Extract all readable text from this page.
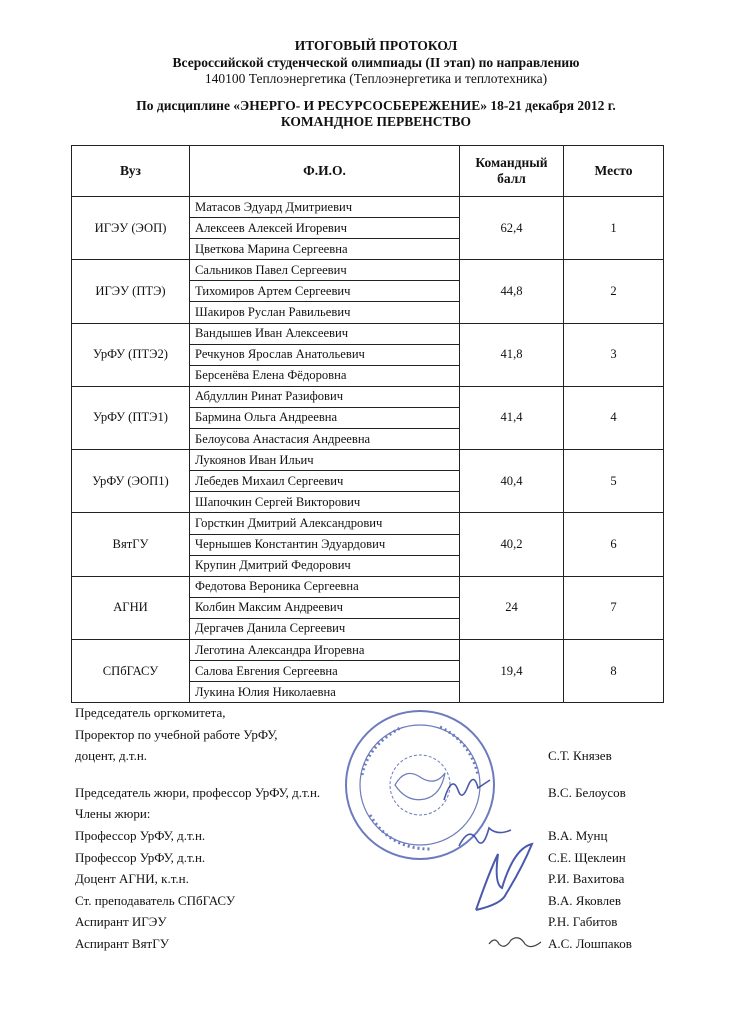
ИТОГОВЫЙ ПРОТОКОЛ
Всероссийской студенческой олимпиады (II этап) по направлению
140100 Теплоэнергетика (Теплоэнергетика и теплотехника)
По дисциплине «ЭНЕРГО- И РЕСУРСОСБЕРЕЖЕНИЕ» 18-21 декабря 2012 г.
КОМАНДНОЕ ПЕРВЕНСТВО
Вуз	Ф.И.О.	Командный балл	Место
ИГЭУ (ЭОП)	Матасов Эдуард Дмитриевич	62,4	1
	Алексеев Алексей Игоревич		
	Цветкова Марина Сергеевна		
ИГЭУ (ПТЭ)	Сальников Павел Сергеевич	44,8	2
	Тихомиров Артем Сергеевич		
	Шакиров Руслан Равильевич		
УрФУ (ПТЭ2)	Вандышев Иван Алексеевич	41,8	3
	Речкунов Ярослав Анатольевич		
	Берсенёва Елена Фёдоровна		
УрФУ (ПТЭ1)	Абдуллин Ринат Разифович	41,4	4
	Бармина Ольга Андреевна		
	Белоусова Анастасия Андреевна		
УрФУ (ЭОП1)	Лукоянов Иван Ильич	40,4	5
	Лебедев Михаил Сергеевич		
	Шапочкин Сергей Викторович		
ВятГУ	Горсткин Дмитрий Александрович	40,2	6
	Чернышев Константин Эдуардович		
	Крупин Дмитрий Федорович		
АГНИ	Федотова Вероника Сергеевна	24	7
	Колбин Максим Андреевич		
	Дергачев Данила Сергеевич		
СПбГАСУ	Леготина Александра Игоревна	19,4	8
	Салова Евгения Сергеевна		
	Лукина Юлия Николаевна		
Председатель оргкомитета,
Проректор по учебной работе УрФУ,
доцент, д.т.н.	С.Т. Князев
Председатель жюри, профессор УрФУ, д.т.н.	В.С. Белоусов
Члены жюри:
Профессор УрФУ, д.т.н.	В.А. Мунц
Профессор УрФУ, д.т.н.	С.Е. Щеклеин
Доцент АГНИ, к.т.н.	Р.И. Вахитова
Ст. преподаватель СПбГАСУ	В.А. Яковлев
Аспирант ИГЭУ	Р.Н. Габитов
Аспирант ВятГУ	А.С. Лошпаков
